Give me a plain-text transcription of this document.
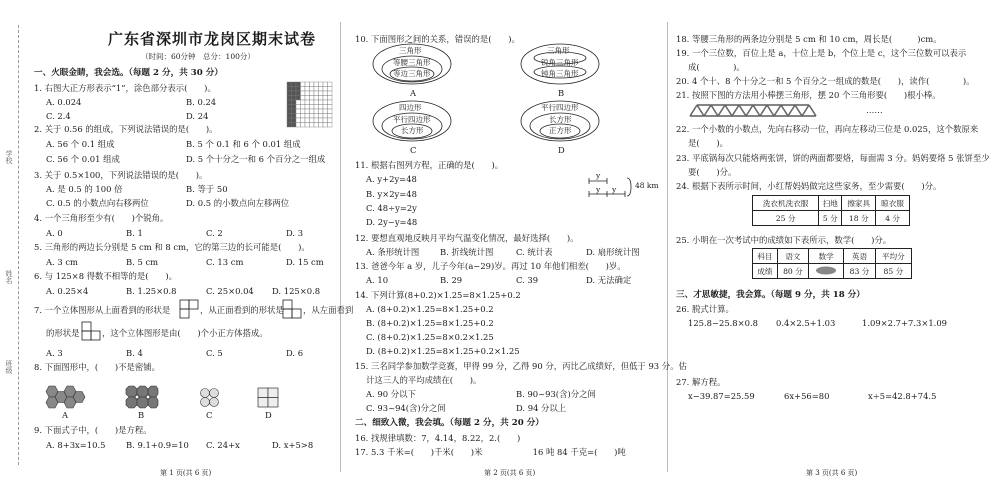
学校
姓名
班级
广东省深圳市龙岗区期末试卷
（时间：60分钟　总分：100分）
一、火眼金睛，我会选。（每题 2 分，共 30 分）
1. 右图大正方形表示“1”，涂色部分表示(　　)。
A. 0.024	B. 0.24
C. 2.4	D. 24
2. 关于 0.56 的组成，下列说法错误的是(　　)。
A. 56 个 0.1 组成	B. 5 个 0.1 和 6 个 0.01 组成
C. 56 个 0.01 组成	D. 5 个十分之一和 6 个百分之一组成
3. 关于 0.5×100，下列说法错误的是(　　)。
A. 是 0.5 的 100 倍	B. 等于 50
C. 0.5 的小数点向右移两位	D. 0.5 的小数点向左移两位
4. 一个三角形至少有(　　)个锐角。
A. 0	B. 1	C. 2	D. 3
5. 三角形的两边长分别是 5 cm 和 8 cm，它的第三边的长可能是(　　)。
A. 3 cm	B. 5 cm	C. 13 cm	D. 15 cm
6. 与 125×8 得数不相等的是(　　)。
A. 0.25×4	B. 1.25×0.8	C. 25×0.04 D. 125×0.8
7. 一个立体图形从上面看到的形状是	，从正面看到的形状是 ，从左面看到
的形状是	，这个立体图形是由(　　)个小正方体搭成。
A. 3	B. 4	C. 5	D. 6
8. 下面图形中，(　　)不是密铺。
A	B	C	D
9. 下面式子中，(　　)是方程。
A. 8+3x=10.5 B. 9.1+0.9=10 C. 24+x	D. x+5>8
第 1 页(共 6 页)
10. 下面图形之间的关系，错误的是(　　)。
三角形
等腰三角形
等边三角形
A
三角形
锐角三角形
钝角三角形
B
四边形
平行四边形
长方形
C
平行四边形
长方形
正方形
D
11. 根据右图列方程，正确的是(　　)。
A. y+2y=48
B. y×2y=48
C. 48÷y=2y
D. 2y−y=48
y
y y	48 km
12. 要想直观地反映月平均气温变化情况，最好选择(　　)。
A. 条形统计图 B. 折线统计图	C. 统计表	D. 扇形统计图
13. 爸爸今年 a 岁，儿子今年(a−29)岁。再过 10 年他们相差(　　)岁。
A. 10	B. 29	C. 39	D. 无法确定
14. 下列计算(8+0.2)×1.25=8×1.25+0.2
A. (8+0.2)×1.25=8×1.25+0.2
B. (8+0.2)×1.25=8×1.25+0.2
C. (8+0.2)×1.25=8×0.2×1.25
D. (8+0.2)×1.25=8×1.25+0.2×1.25
15. 三名同学参加数学竞赛，甲得 99 分，乙得 90 分，丙比乙成绩好，但低于 93 分。估
计这三人的平均成绩在(　　)。
A. 90 分以下	B. 90~93(含)分之间
C. 93~94(含)分之间	D. 94 分以上
二、细致入微，我会填。（每题 2 分，共 20 分）
16. 找规律填数：7，4.14，8.22，2.(　　)
17. 5.3 千米=(　　)千米(　　)米　　　　　　16 吨 84 千克=(　　)吨
第 2 页(共 6 页)
18. 等腰三角形的两条边分别是 5 cm 和 10 cm，周长是(　　　)cm。
19. 一个三位数，百位上是 a，十位上是 b，个位上是 c，这个三位数可以表示
成(　　　　)。
20. 4 个十、8 个十分之一和 5 个百分之一组成的数是(　　)，读作(　　　　)。
21. 按照下图的方法用小棒摆三角形，摆 20 个三角形要(　　)根小棒。
……
22. 一个小数的小数点，先向右移动一位，再向左移动三位是 0.025，这个数原来
是(　　)。
23. 平底锅每次只能烙两张饼，饼的两面都要烙，每面需 3 分。妈妈要烙 5 张饼至少
要(　　)分。
24. 根据下表所示时间，小红帮妈妈做完这些家务，至少需要(　　)分。
洗衣机洗衣服	扫地	擦家具	晾衣服
25 分	5 分	18 分	4 分
25. 小明在一次考试中的成绩如下表所示，数学(　　)分。
科目	语文	数学	英语	平均分
成绩	80 分		83 分	85 分
三、才思敏捷，我会算。（每题 9 分，共 18 分）
26. 脱式计算。
125.8−25.8×0.8 0.4×2.5+1.03	1.09×2.7+7.3×1.09
27. 解方程。
x−39.87=25.59	6x+56=80	x÷5=42.8+74.5
第 3 页(共 6 页)
